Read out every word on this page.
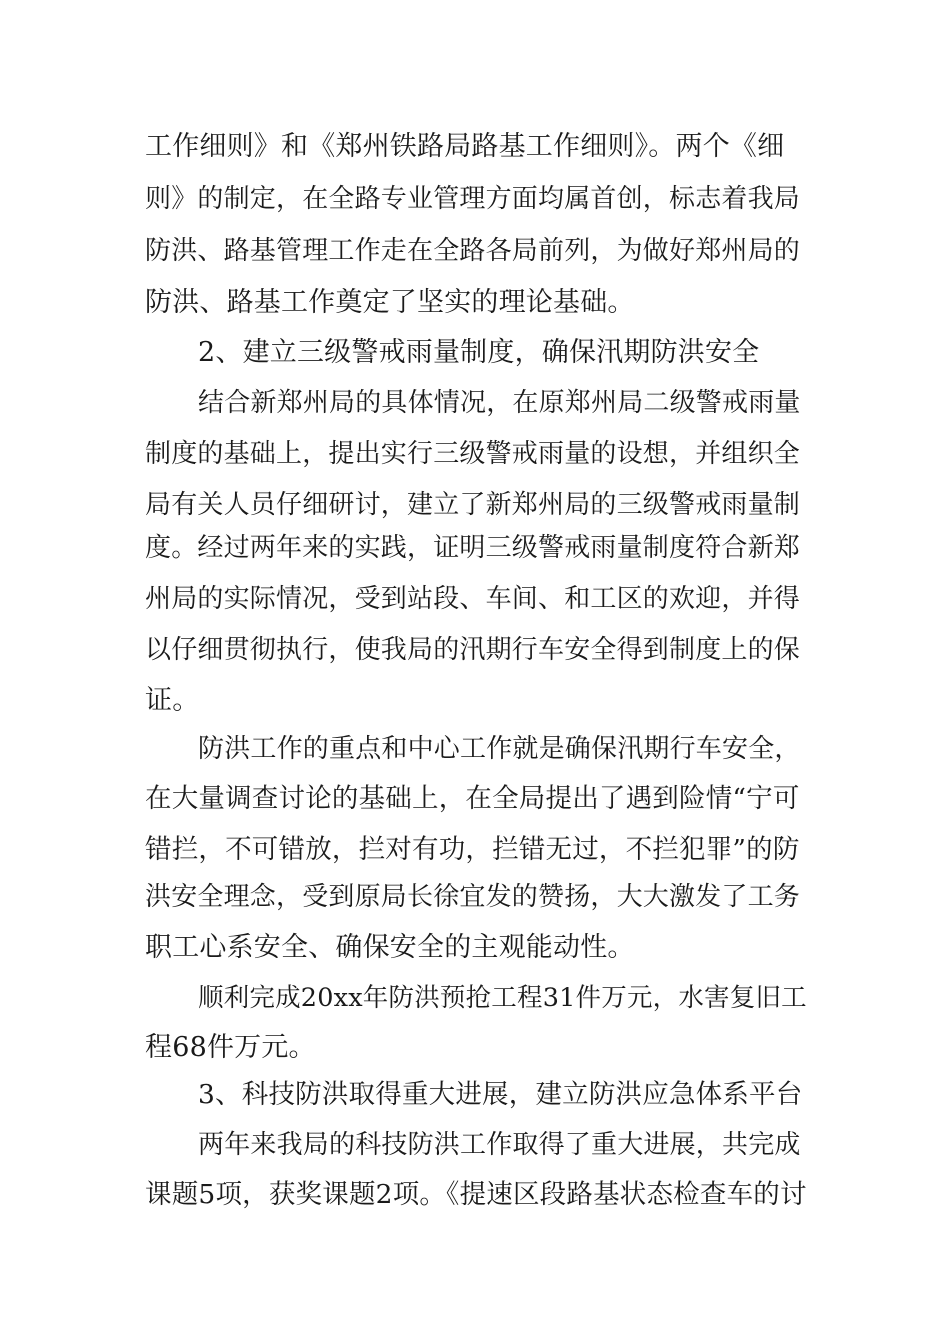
工作细则》和《郑州铁路局路基工作细则》。两个《细
则》的制定，在全路专业管理方面均属首创，标志着我局
防洪、路基管理工作走在全路各局前列，为做好郑州局的
防洪、路基工作奠定了坚实的理论基础。
2、建立三级警戒雨量制度，确保汛期防洪安全
结合新郑州局的具体情况，在原郑州局二级警戒雨量
制度的基础上，提出实行三级警戒雨量的设想，并组织全
局有关人员仔细研讨，建立了新郑州局的三级警戒雨量制
度。经过两年来的实践，证明三级警戒雨量制度符合新郑
州局的实际情况，受到站段、车间、和工区的欢迎，并得
以仔细贯彻执行，使我局的汛期行车安全得到制度上的保
证。
防洪工作的重点和中心工作就是确保汛期行车安全，
在大量调查讨论的基础上，在全局提出了遇到险情“宁可
错拦，不可错放，拦对有功，拦错无过，不拦犯罪”的防
洪安全理念，受到原局长徐宜发的赞扬，大大激发了工务
职工心系安全、确保安全的主观能动性。
顺利完成20xx年防洪预抢工程31件万元，水害复旧工
程68件万元。
3、科技防洪取得重大进展，建立防洪应急体系平台
两年来我局的科技防洪工作取得了重大进展，共完成
课题5项，获奖课题2项。《提速区段路基状态检查车的讨
